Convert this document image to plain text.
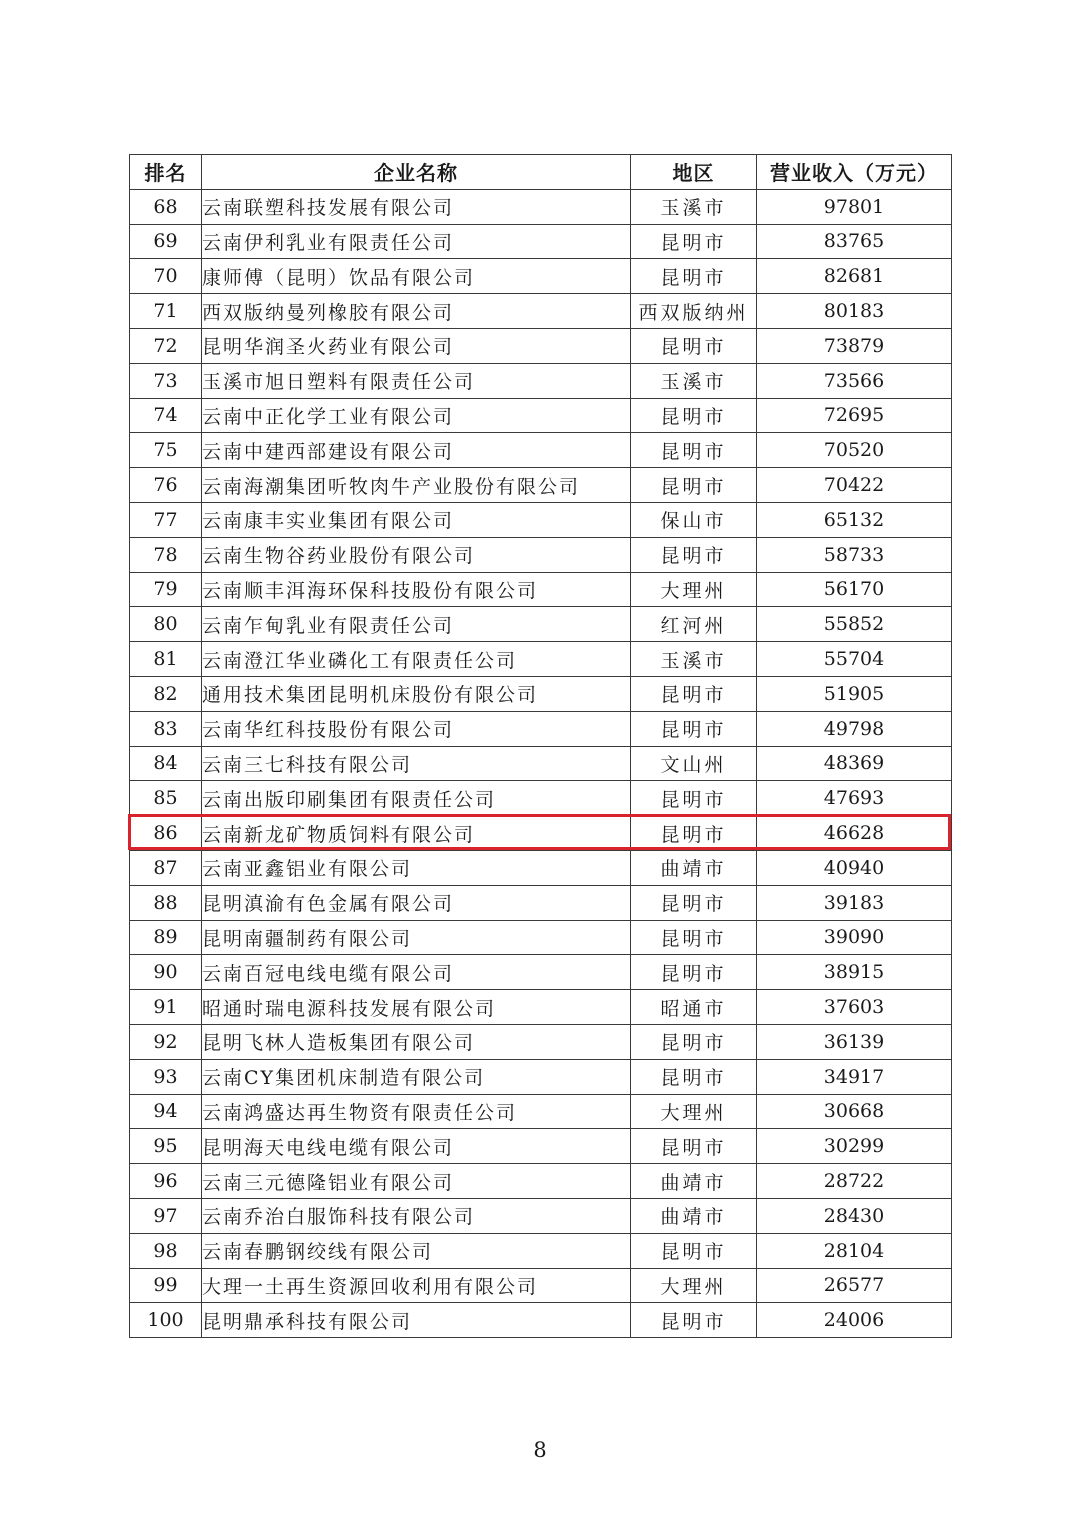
排名	企业名称	地区	营业收入（万元）
68	云南联塑科技发展有限公司	玉溪市	97801
69	云南伊利乳业有限责任公司	昆明市	83765
70	康师傅（昆明）饮品有限公司	昆明市	82681
71	西双版纳曼列橡胶有限公司	西双版纳州	80183
72	昆明华润圣火药业有限公司	昆明市	73879
73	玉溪市旭日塑料有限责任公司	玉溪市	73566
74	云南中正化学工业有限公司	昆明市	72695
75	云南中建西部建设有限公司	昆明市	70520
76	云南海潮集团听牧肉牛产业股份有限公司	昆明市	70422
77	云南康丰实业集团有限公司	保山市	65132
78	云南生物谷药业股份有限公司	昆明市	58733
79	云南顺丰洱海环保科技股份有限公司	大理州	56170
80	云南乍甸乳业有限责任公司	红河州	55852
81	云南澄江华业磷化工有限责任公司	玉溪市	55704
82	通用技术集团昆明机床股份有限公司	昆明市	51905
83	云南华红科技股份有限公司	昆明市	49798
84	云南三七科技有限公司	文山州	48369
85	云南出版印刷集团有限责任公司	昆明市	47693
86	云南新龙矿物质饲料有限公司	昆明市	46628
87	云南亚鑫铝业有限公司	曲靖市	40940
88	昆明滇渝有色金属有限公司	昆明市	39183
89	昆明南疆制药有限公司	昆明市	39090
90	云南百冠电线电缆有限公司	昆明市	38915
91	昭通时瑞电源科技发展有限公司	昭通市	37603
92	昆明飞林人造板集团有限公司	昆明市	36139
93	云南CY集团机床制造有限公司	昆明市	34917
94	云南鸿盛达再生物资有限责任公司	大理州	30668
95	昆明海天电线电缆有限公司	昆明市	30299
96	云南三元德隆铝业有限公司	曲靖市	28722
97	云南乔治白服饰科技有限公司	曲靖市	28430
98	云南春鹏钢绞线有限公司	昆明市	28104
99	大理一土再生资源回收利用有限公司	大理州	26577
100	昆明鼎承科技有限公司	昆明市	24006
8
